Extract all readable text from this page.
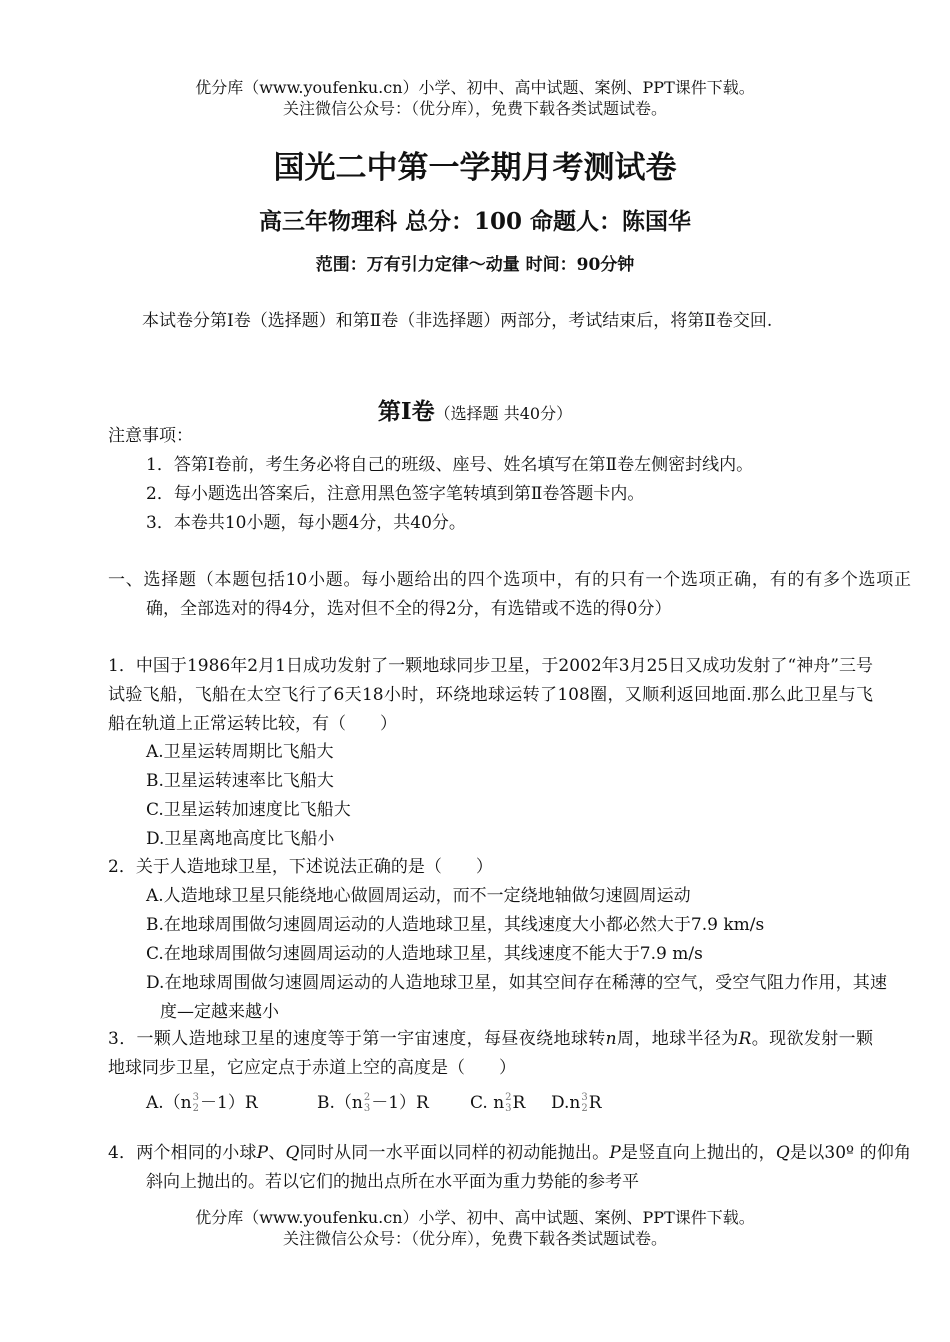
优分库（www.youfenku.cn）小学、初中、高中试题、案例、PPT课件下载。
关注微信公众号：（优分库），免费下载各类试题试卷。
国光二中第一学期月考测试卷
高三年物理科 总分：100 命题人：陈国华
范围：万有引力定律～动量 时间：90分钟
本试卷分第Ⅰ卷（选择题）和第Ⅱ卷（非选择题）两部分，考试结束后，将第Ⅱ卷交回.
第Ⅰ卷（选择题 共40分）
注意事项：
1．答第Ⅰ卷前，考生务必将自己的班级、座号、姓名填写在第Ⅱ卷左侧密封线内。
2．每小题选出答案后，注意用黑色签字笔转填到第Ⅱ卷答题卡内。
3．本卷共10小题，每小题4分，共40分。
一、选择题（本题包括10小题。每小题给出的四个选项中，有的只有一个选项正确，有的有多个选项正确，全部选对的得4分，选对但不全的得2分，有选错或不选的得0分）
1．中国于1986年2月1日成功发射了一颗地球同步卫星，于2002年3月25日又成功发射了“神舟”三号试验飞船，飞船在太空飞行了6天18小时，环绕地球运转了108圈，又顺利返回地面.那么此卫星与飞船在轨道上正常运转比较，有（　　）
A.卫星运转周期比飞船大
B.卫星运转速率比飞船大
C.卫星运转加速度比飞船大
D.卫星离地高度比飞船小
2．关于人造地球卫星，下述说法正确的是（　　）
A.人造地球卫星只能绕地心做圆周运动，而不一定绕地轴做匀速圆周运动
B.在地球周围做匀速圆周运动的人造地球卫星，其线速度大小都必然大于7.9 km/s
C.在地球周围做匀速圆周运动的人造地球卫星，其线速度不能大于7.9 m/s
D.在地球周围做匀速圆周运动的人造地球卫星，如其空间存在稀薄的空气，受空气阻力作用，其速度—定越来越小
3．一颗人造地球卫星的速度等于第一宇宙速度，每昼夜绕地球转n周，地球半径为R。现欲发射一颗地球同步卫星，它应定点于赤道上空的高度是（　　）
A.（n 3
2 －1）R	B.（n 2
3 －1）R C. n 2
3 R D.n 3
2 R
4．两个相同的小球P、Q同时从同一水平面以同样的初动能抛出。P是竖直向上抛出的，Q是以30º 的仰角斜向上抛出的。若以它们的抛出点所在水平面为重力势能的参考平
优分库（www.youfenku.cn）小学、初中、高中试题、案例、PPT课件下载。
关注微信公众号：（优分库），免费下载各类试题试卷。
